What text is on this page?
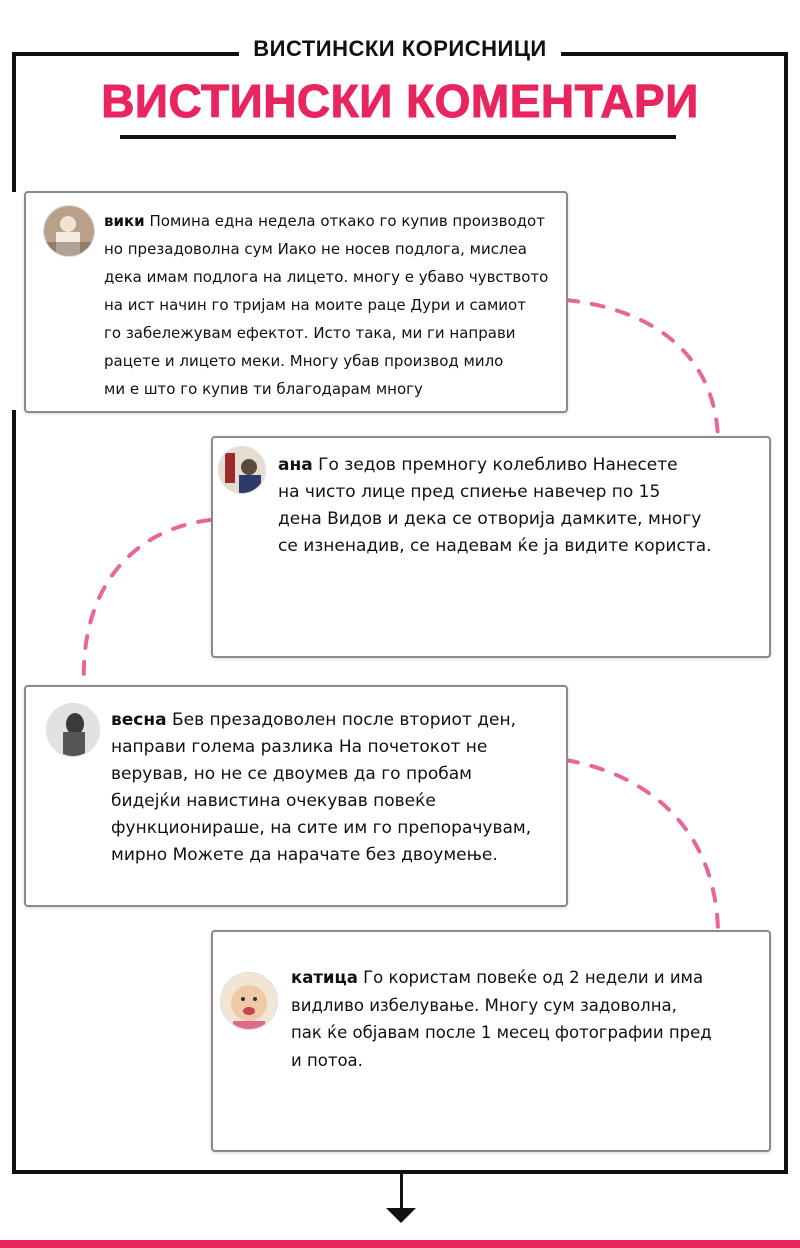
ВИСТИНСКИ КОРИСНИЦИ
ВИСТИНСКИ КОМЕНТАРИ
вики Помина една недела откако го купив производот
но презадоволна сум Иако не носев подлога, мислеа
дека имам подлога на лицето. многу е убаво чувството
на ист начин го тријам на моите раце Дури и самиот
го забележувам ефектот. Исто така, ми ги направи
рацете и лицето меки. Многу убав производ мило
ми е што го купив ти благодарам многу
ана Го зедов премногу колебливо Нанесете
на чисто лице пред спиење навечер по 15
дена Видов и дека се отворија дамките, многу
се изненадив, се надевам ќе ја видите користа.
весна Бев презадоволен после вториот ден,
направи голема разлика На почетокот не
верував, но не се двоумев да го пробам
бидејќи навистина очекував повеќе
функционираше, на сите им го препорачувам,
мирно Можете да нарачате без двоумење.
катица Го користам повеќе од 2 недели и има
видливо избелување. Многу сум задоволна,
пак ќе објавам после 1 месец фотографии пред
и потоа.
